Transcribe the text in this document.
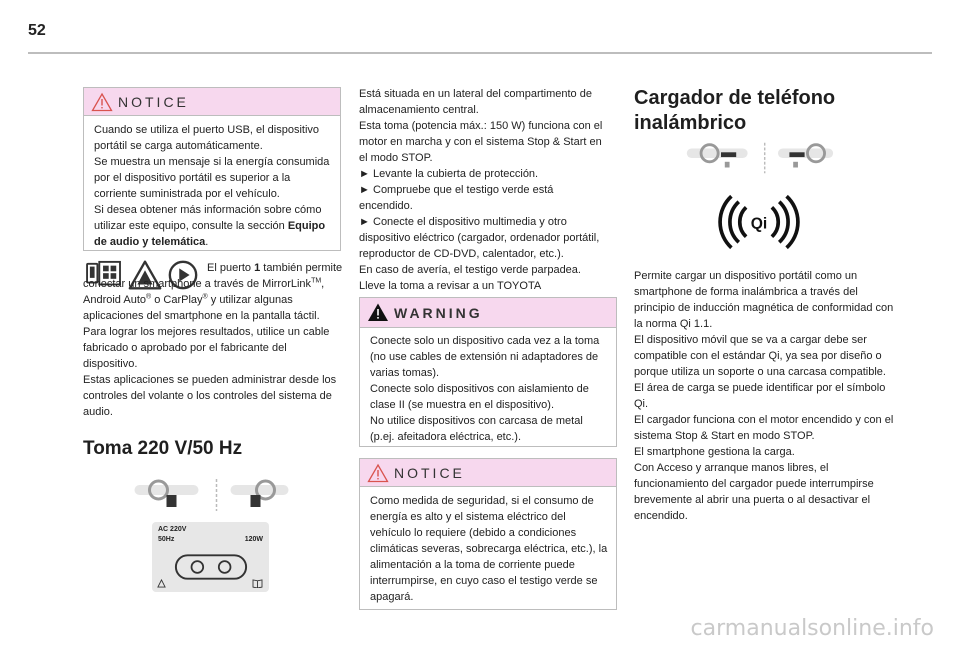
52
NOTICE
Cuando se utiliza el puerto USB, el dispositivo portátil se carga automáticamente.
Se muestra un mensaje si la energía consumida por el dispositivo portátil es superior a la corriente suministrada por el vehículo.
Si desea obtener más información sobre cómo utilizar este equipo, consulte la sección Equipo de audio y telemática.
El puerto 1 también permite conectar un smartphone a través de MirrorLink™, Android Auto® o CarPlay® y utilizar algunas aplicaciones del smartphone en la pantalla táctil.
Para lograr los mejores resultados, utilice un cable fabricado o aprobado por el fabricante del dispositivo.
Estas aplicaciones se pueden administrar desde los controles del volante o los controles del sistema de audio.
Toma 220 V/50 Hz
AC 220V
50Hz	120W
Está situada en un lateral del compartimento de almacenamiento central.
Esta toma (potencia máx.: 150 W) funciona con el motor en marcha y con el sistema Stop & Start en el modo STOP.
► Levante la cubierta de protección.
► Compruebe que el testigo verde está encendido.
► Conecte el dispositivo multimedia y otro dispositivo eléctrico (cargador, ordenador portátil, reproductor de CD-DVD, calentador, etc.).
En caso de avería, el testigo verde parpadea.
Lleve la toma a revisar a un TOYOTA
WARNING
Conecte solo un dispositivo cada vez a la toma (no use cables de extensión ni adaptadores de varias tomas).
Conecte solo dispositivos con aislamiento de clase II (se muestra en el dispositivo).
No utilice dispositivos con carcasa de metal (p.ej. afeitadora eléctrica, etc.).
NOTICE
Como medida de seguridad, si el consumo de energía es alto y el sistema eléctrico del vehículo lo requiere (debido a condiciones climáticas severas, sobrecarga eléctrica, etc.), la alimentación a la toma de corriente puede interrumpirse, en cuyo caso el testigo verde se apagará.
Cargador de teléfono
inalámbrico
Qi
Permite cargar un dispositivo portátil como un smartphone de forma inalámbrica a través del principio de inducción magnética de conformidad con la norma Qi 1.1.
El dispositivo móvil que se va a cargar debe ser compatible con el estándar Qi, ya sea por diseño o porque utiliza un soporte o una carcasa compatible.
El área de carga se puede identificar por el símbolo Qi.
El cargador funciona con el motor encendido y con el sistema Stop & Start en modo STOP.
El smartphone gestiona la carga.
Con Acceso y arranque manos libres, el funcionamiento del cargador puede interrumpirse brevemente al abrir una puerta o al desactivar el encendido.
carmanualsonline.info
